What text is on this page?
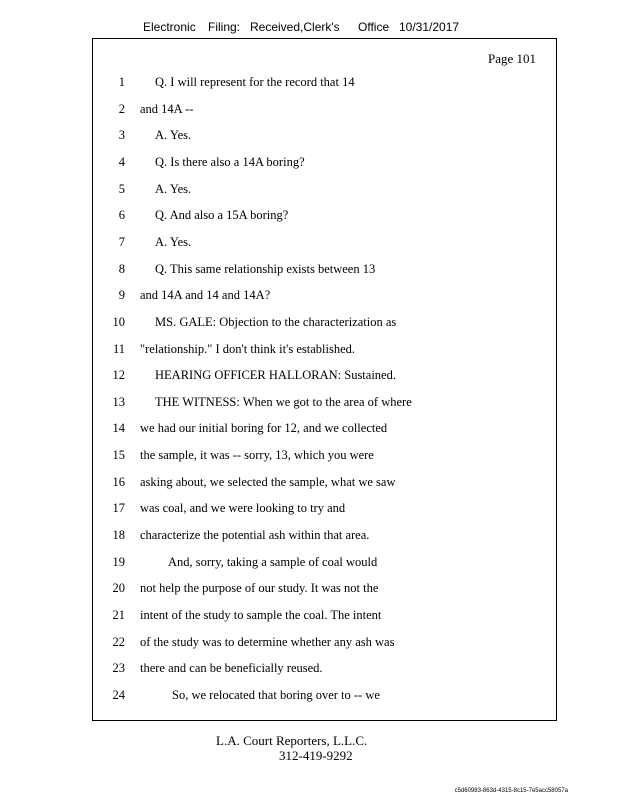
Electronic Filing: Received,Clerk's Office 10/31/2017
Page 101
1 Q. I will represent for the record that 14
2 and 14A --
3 A. Yes.
4 Q. Is there also a 14A boring?
5 A. Yes.
6 Q. And also a 15A boring?
7 A. Yes.
8 Q. This same relationship exists between 13
9 and 14A and 14 and 14A?
10 MS. GALE: Objection to the characterization as
11 "relationship." I don't think it's established.
12 HEARING OFFICER HALLORAN: Sustained.
13 THE WITNESS: When we got to the area of where
14 we had our initial boring for 12, and we collected
15 the sample, it was -- sorry, 13, which you were
16 asking about, we selected the sample, what we saw
17 was coal, and we were looking to try and
18 characterize the potential ash within that area.
19	And, sorry, taking a sample of coal would
20 not help the purpose of our study. It was not the
21 intent of the study to sample the coal. The intent
22 of the study was to determine whether any ash was
23 there and can be beneficially reused.
24	So, we relocated that boring over to -- we
L.A. Court Reporters, L.L.C.
312-419-9292
c5d60983-863d-4315-8c15-7e5acc58057a
